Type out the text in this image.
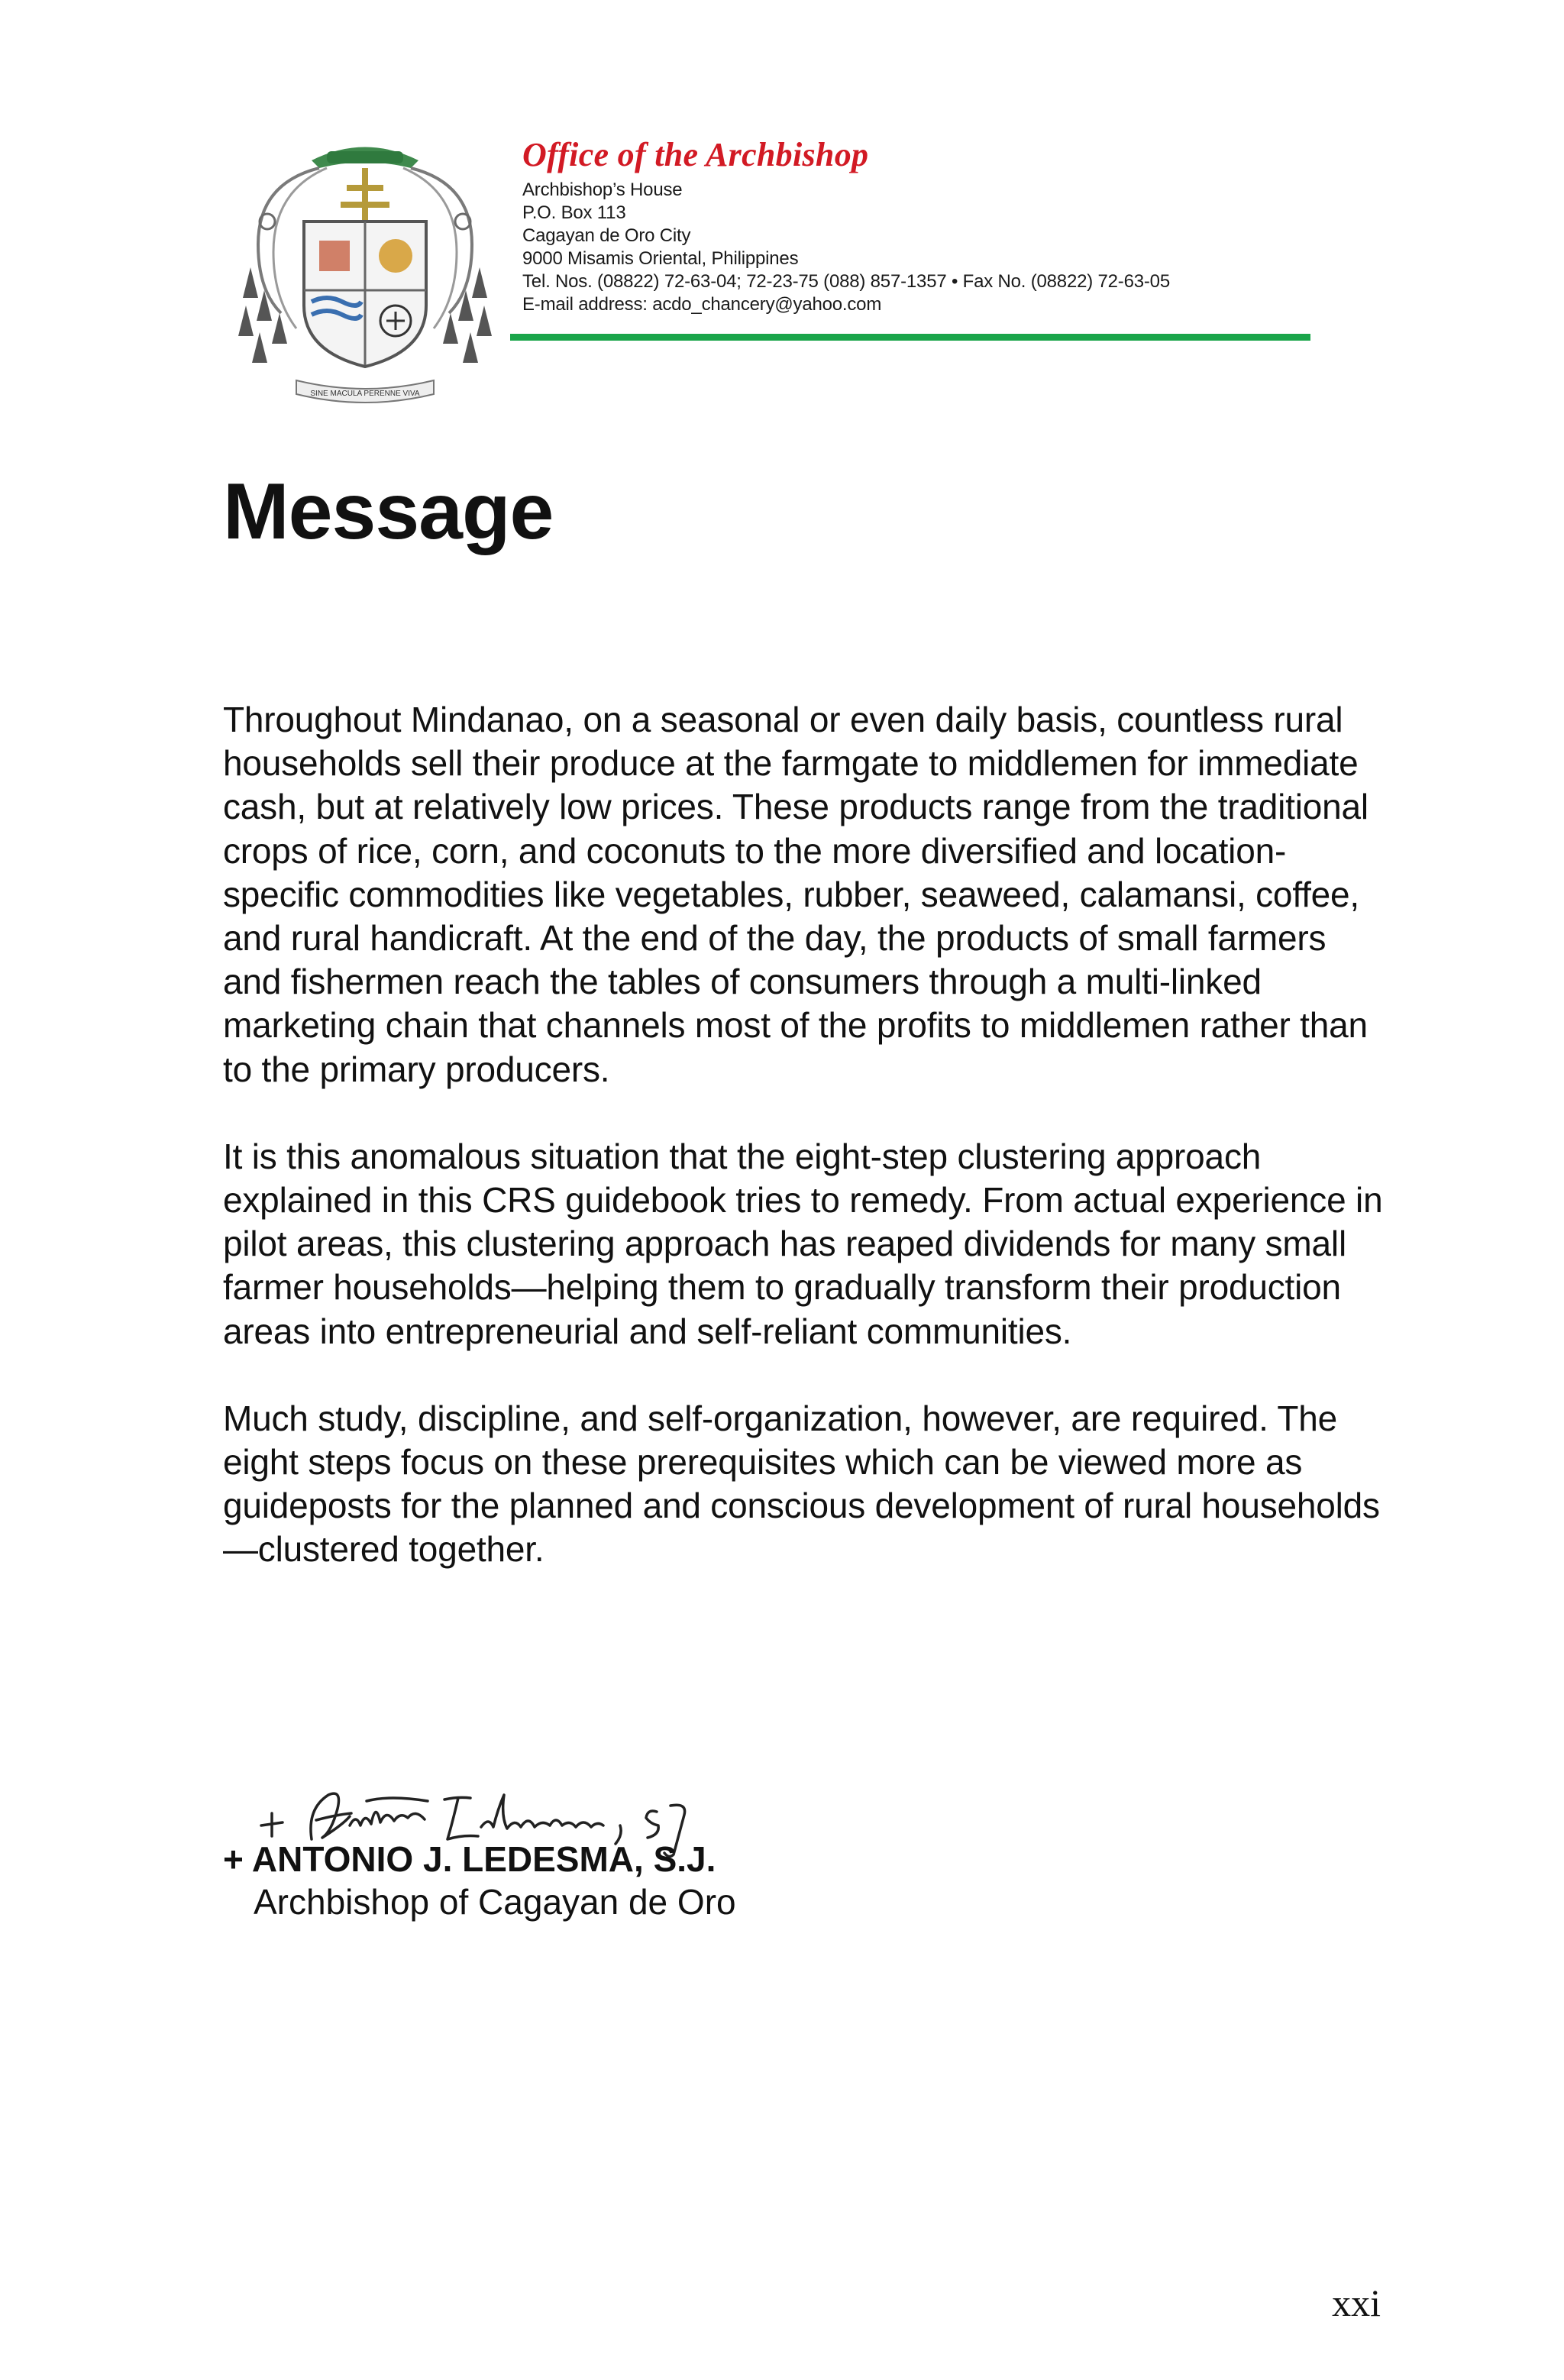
SINE MACULA PERENNE VIVA
Office of the Archbishop

Archbishop’s House

P.O. Box 113

Cagayan de Oro City

9000 Misamis Oriental, Philippines

Tel. Nos. (08822) 72-63-04; 72-23-75 (088) 857-1357 • Fax No. (08822) 72-63-05

E-mail address: acdo_chancery@yahoo.com

Message

Throughout Mindanao, on a seasonal or even daily basis, countless rural households sell their produce at the farmgate to middlemen for immediate cash, but at relatively low prices. These products range from the traditional crops of rice, corn, and coconuts to the more diversified and location-specific commodities like vegetables, rubber, seaweed, calamansi, coffee, and rural handicraft. At the end of the day, the products of small farmers and fishermen reach the tables of consumers through a multi-linked marketing chain that channels most of the profits to middlemen rather than to the primary producers.

It is this anomalous situation that the eight-step clustering approach explained in this CRS guidebook tries to remedy. From actual experience in pilot areas, this clustering approach has reaped dividends for many small farmer households—helping them to gradually transform their production areas into entrepreneurial and self-reliant communities.

Much study, discipline, and self-organization, however, are required. The eight steps focus on these prerequisites which can be viewed more as guideposts for the planned and conscious development of rural households—clustered together.

+ ANTONIO J. LEDESMA, S.J.

Archbishop of Cagayan de Oro

xxi
